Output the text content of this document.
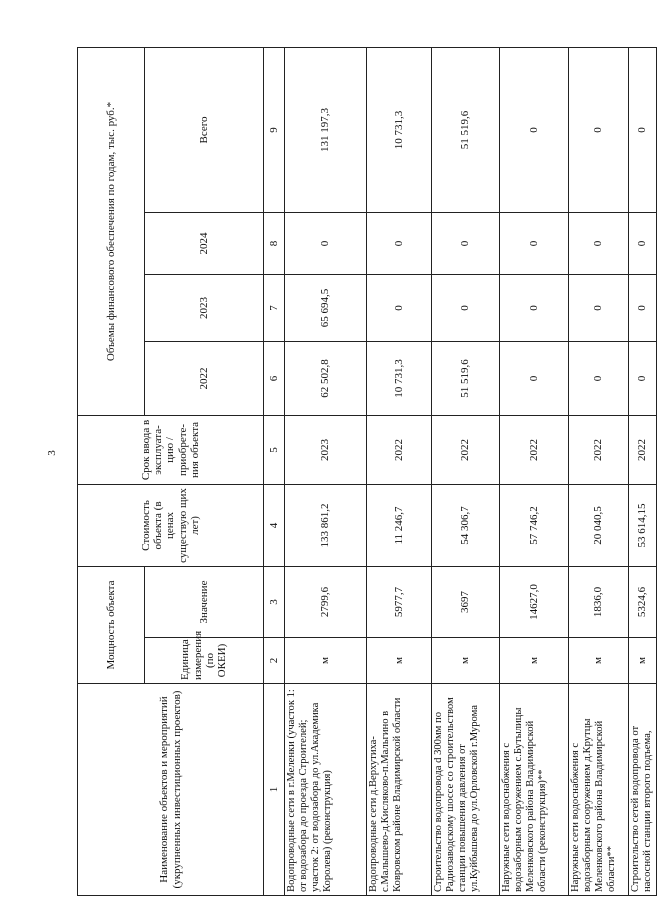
3
Наименование объектов и мероприятий (укрупненных инвестиционных проектов)	Мощность объекта		Стоимость объекта (в ценах существую щих лет)	Срок ввода в эксплуата- цию / приобрете- ния объекта	Объемы финансового обеспечения по годам, тыс. руб.*			
	Единица измерения (по ОКЕИ)	Значение			2022	2023	2024	Всего
1	2	3	4	5	6	7	8	9
Водопроводные сети в г.Меленки (участок 1: от водозабора до проезда Строителей; участок 2: от водозабора до ул.Академика Королева) (реконструкция)	м	2799,6	133 861,2	2023	62 502,8	65 694,5	0	131 197,3
Водопроводные сети д.Верхутиха-с.Малышево-д.Кисляково-п.Мальгино в Ковровском районе Владимирской области	м	5977,7	11 246,7	2022	10 731,3	0	0	10 731,3
Строительство водопровода d 300мм по Радиозаводскому шоссе со строительством станции повышения давления от ул.Куйбышева до ул.Орловской г.Мурома	м	3697	54 306,7	2022	51 519,6	0	0	51 519,6
Наружные сети водоснабжения с водозаборным сооружением с.Бутылицы Меленковского района Владимирской области (реконструкция)**	м	14627,0	57 746,2	2022	0	0	0	0
Наружные сети водоснабжения с водозаборным сооружением д.Крутцы Меленковского района Владимирской области**	м	1836,0	20 040,5	2022	0	0	0	0
Строительство сетей водопровода от насосной станции второго подъема,	м	5324,6	53 614,15	2022	0	0	0	0
